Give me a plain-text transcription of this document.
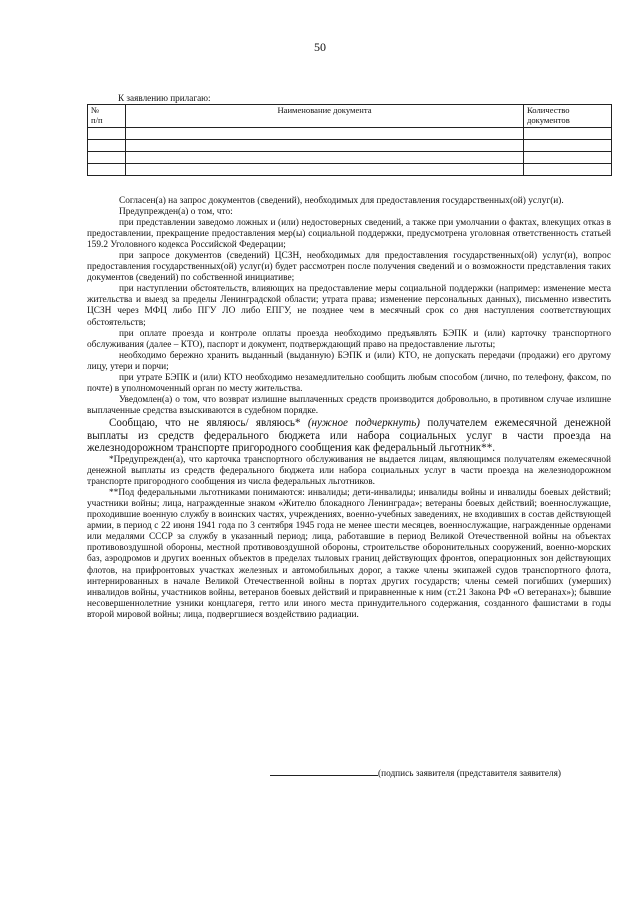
50
К заявлению прилагаю:
№
п/п	Наименование документа	Количество
документов

Согласен(а) на запрос документов (сведений), необходимых для предоставления государственных(ой) услуг(и).

Предупрежден(а) о том, что:

при представлении заведомо ложных и (или) недостоверных сведений, а также при умолчании о фактах, влекущих отказ в предоставлении, прекращение предоставления мер(ы) социальной поддержки, предусмотрена уголовная ответственность статьей 159.2 Уголовного кодекса Российской Федерации;

при запросе документов (сведений) ЦСЗН, необходимых для предоставления государственных(ой) услуг(и), вопрос предоставления государственных(ой) услуг(и) будет рассмотрен после получения сведений и о возможности представления таких документов (сведений) по собственной инициативе;

при наступлении обстоятельств, влияющих на предоставление меры социальной поддержки (например: изменение места жительства и выезд за пределы Ленинградской области; утрата права; изменение персональных данных), письменно известить ЦСЗН через МФЦ либо ПГУ ЛО либо ЕПГУ, не позднее чем в месячный срок со дня наступления соответствующих обстоятельств;

при оплате проезда и контроле оплаты проезда необходимо предъявлять БЭПК и (или) карточку транспортного обслуживания (далее – КТО), паспорт и документ, подтверждающий право на предоставление льготы;

необходимо бережно хранить выданный (выданную) БЭПК и (или) КТО, не допускать передачи (продажи) его другому лицу, утери и порчи;

при утрате БЭПК и (или) КТО необходимо незамедлительно сообщить любым способом (лично, по телефону, факсом, по почте) в уполномоченный орган по месту жительства.

Уведомлен(а) о том, что возврат излишне выплаченных средств производится добровольно, в противном случае излишне выплаченные средства взыскиваются в судебном порядке.

Сообщаю, что не являюсь/ являюсь* (нужное подчеркнуть) получателем ежемесячной денежной выплаты из средств федерального бюджета или набора социальных услуг в части проезда на железнодорожном транспорте пригородного сообщения как федеральный льготник**.

*Предупрежден(а), что карточка транспортного обслуживания не выдается лицам, являющимся получателям ежемесячной денежной выплаты из средств федерального бюджета или набора социальных услуг в части проезда на железнодорожном транспорте пригородного сообщения из числа федеральных льготников.

**Под федеральными льготниками понимаются: инвалиды; дети-инвалиды; инвалиды войны и инвалиды боевых действий; участники войны; лица, награжденные знаком «Жителю блокадного Ленинграда»; ветераны боевых действий; военнослужащие, проходившие военную службу в воинских частях, учреждениях, военно-учебных заведениях, не входивших в состав действующей армии, в период с 22 июня 1941 года по 3 сентября 1945 года не менее шести месяцев, военнослужащие, награжденные орденами или медалями СССР за службу в указанный период; лица, работавшие в период Великой Отечественной войны на объектах противовоздушной обороны, местной противовоздушной обороны, строительстве оборонительных сооружений, военно-морских баз, аэродромов и других военных объектов в пределах тыловых границ действующих фронтов, операционных зон действующих флотов, на прифронтовых участках железных и автомобильных дорог, а также члены экипажей судов транспортного флота, интернированных в начале Великой Отечественной войны в портах других государств; члены семей погибших (умерших) инвалидов войны, участников войны, ветеранов боевых действий и приравненные к ним (ст.21 Закона РФ «О ветеранах»); бывшие несовершеннолетние узники концлагеря, гетто или иного места принудительного содержания, созданного фашистами в годы второй мировой войны; лица, подвергшиеся воздействию радиации.

(подпись заявителя (представителя заявителя)
